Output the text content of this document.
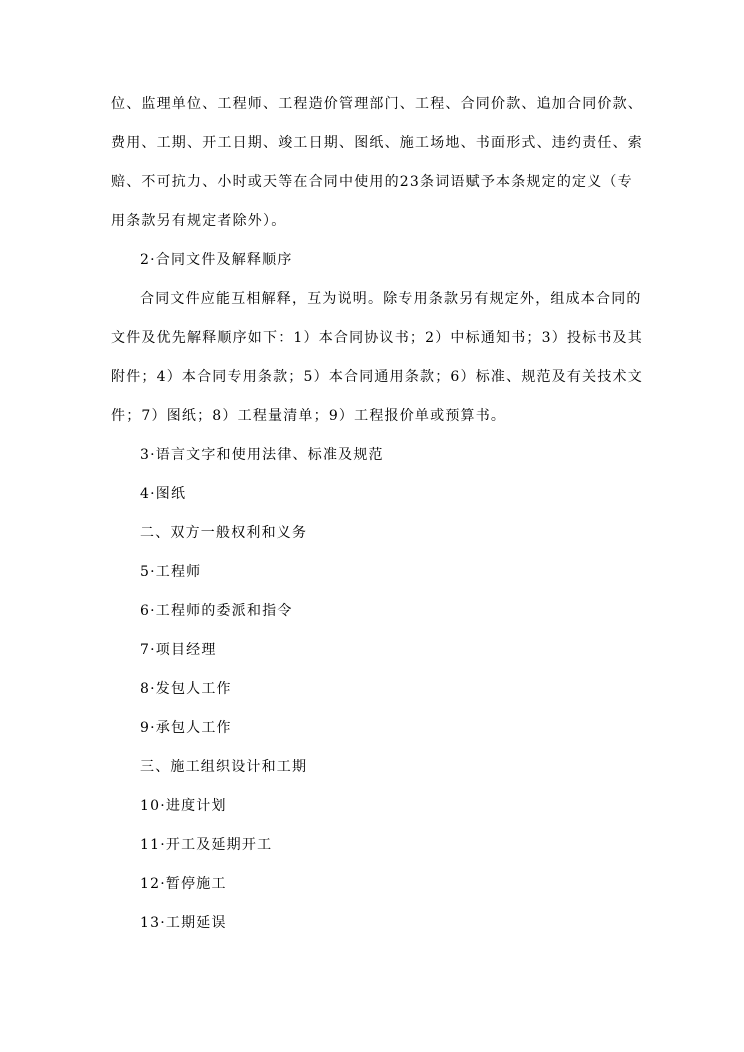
位、监理单位、工程师、工程造价管理部门、工程、合同价款、追加合同价款、
费用、工期、开工日期、竣工日期、图纸、施工场地、书面形式、违约责任、索
赔、不可抗力、小时或天等在合同中使用的23条词语赋予本条规定的定义（专
用条款另有规定者除外）。
2·合同文件及解释顺序
合同文件应能互相解释，互为说明。除专用条款另有规定外，组成本合同的
文件及优先解释顺序如下：1）本合同协议书；2）中标通知书；3）投标书及其
附件；4）本合同专用条款；5）本合同通用条款；6）标准、规范及有关技术文
件；7）图纸；8）工程量清单；9）工程报价单或预算书。
3·语言文字和使用法律、标准及规范
4·图纸
二、双方一般权利和义务
5·工程师
6·工程师的委派和指令
7·项目经理
8·发包人工作
9·承包人工作
三、施工组织设计和工期
10·进度计划
11·开工及延期开工
12·暂停施工
13·工期延误
